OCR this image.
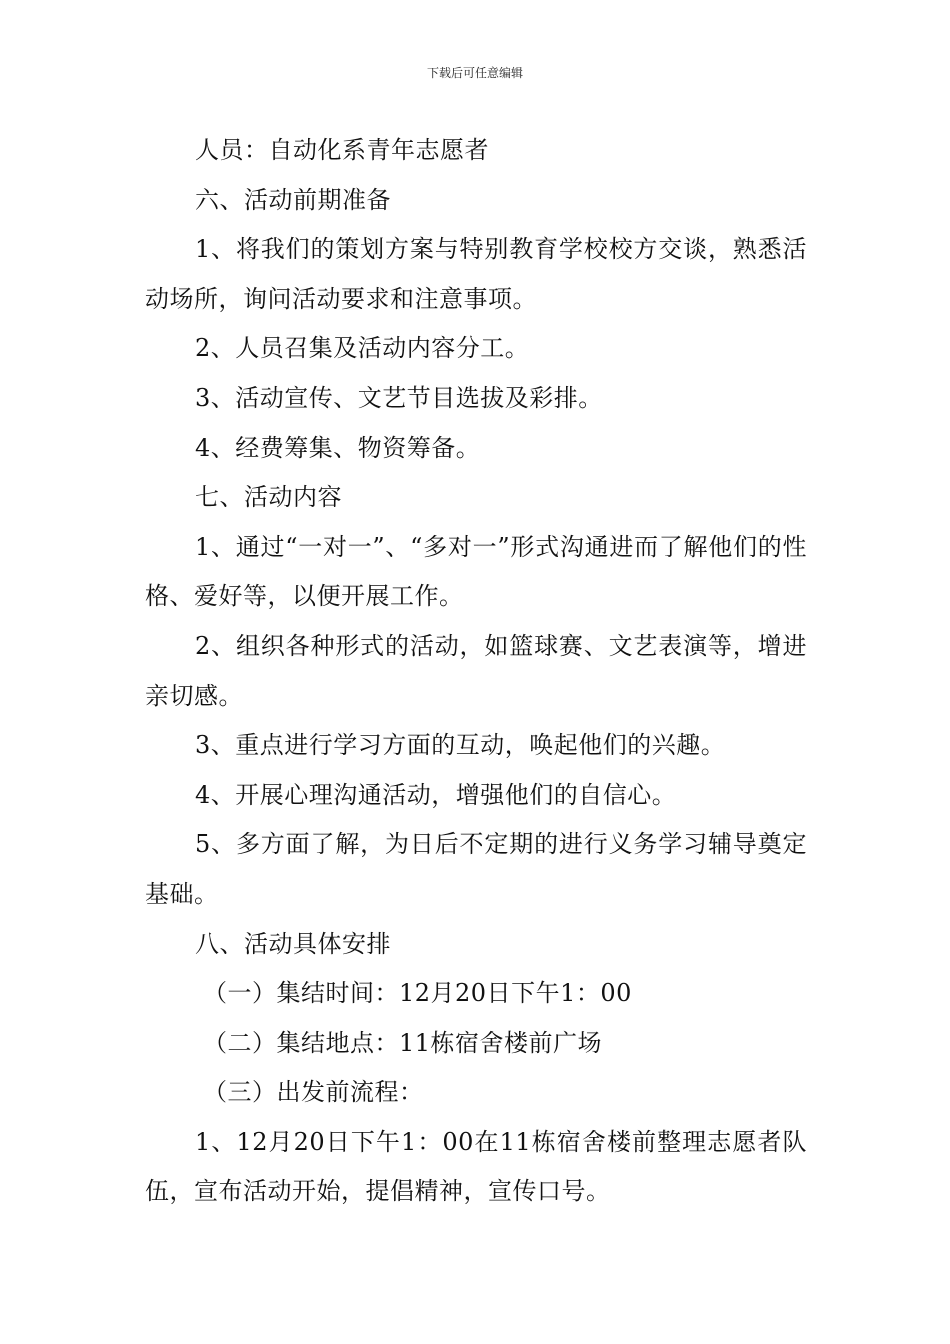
下载后可任意编辑

人员：自动化系青年志愿者

六、活动前期准备

1、将我们的策划方案与特别教育学校校方交谈，熟悉活动场所，询问活动要求和注意事项。

2、人员召集及活动内容分工。

3、活动宣传、文艺节目选拔及彩排。

4、经费筹集、物资筹备。

七、活动内容

1、通过“一对一”、“多对一”形式沟通进而了解他们的性格、爱好等，以便开展工作。

2、组织各种形式的活动，如篮球赛、文艺表演等，增进亲切感。

3、重点进行学习方面的互动，唤起他们的兴趣。

4、开展心理沟通活动，增强他们的自信心。

5、多方面了解，为日后不定期的进行义务学习辅导奠定基础。

八、活动具体安排

（一）集结时间：12月20日下午1：00

（二）集结地点：11栋宿舍楼前广场

（三）出发前流程：

1、12月20日下午1：00在11栋宿舍楼前整理志愿者队伍，宣布活动开始，提倡精神，宣传口号。
